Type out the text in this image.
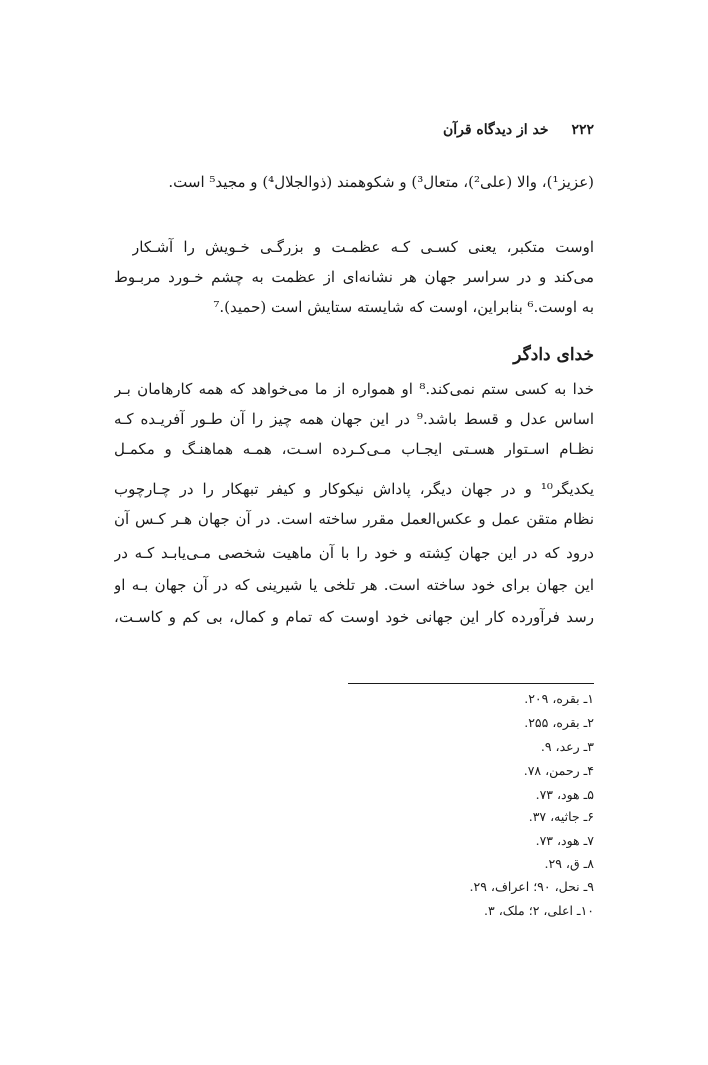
۲۲۲ خد از دیدگاه قرآن
(عزیز¹)، والا (علی²)، متعال³) و شکوهمند (ذوالجلال⁴) و مجید⁵ است.
اوست متکبر، یعنی کسـی کـه عظمـت و بزرگـی خـویش را آشـکار
می‌کند و در سراسر جهان هر نشانه‌ای از عظمت به چشم خـورد مربـوط
به اوست.⁶ بنابراین، اوست که شایسته ستایش است (حمید).⁷
خدای دادگر
خدا به کسی ستم نمی‌کند.⁸ او همواره از ما می‌خواهد که همه کارهامان بـر
اساس عدل و قسط باشد.⁹ در این جهان همه چیز را آن طـور آفریـده کـه
نظـام اسـتوار هسـتی ایجـاب مـی‌کـرده اسـت، همـه هماهنـگ و مکمـل
یکدیگر¹⁰ و در جهان دیگر، پاداش نیکوکار و کیفر تبهکار را در چـارچوب
نظام متقن عمل و عکس‌العمل مقرر ساخته است. در آن جهان هـر کـس آن
درود که در این جهان کِشته و خود را با آن ماهیت شخصی مـی‌یابـد کـه در
این جهان برای خود ساخته است. هر تلخی یا شیرینی که در آن جهان بـه او
رسد فرآورده کار این جهانی خود اوست که تمام و کمال، بی کم و کاسـت،
۱ـ بقره، ۲۰۹.
۲ـ بقره، ۲۵۵.
۳ـ رعد، ۹.
۴ـ رحمن، ۷۸.
۵ـ هود، ۷۳.
۶ـ جاثیه، ۳۷.
۷ـ هود، ۷۳.
۸ـ ق، ۲۹.
۹ـ نحل، ۹۰؛ اعراف، ۲۹.
۱۰ـ اعلی، ۲؛ ملک، ۳.
